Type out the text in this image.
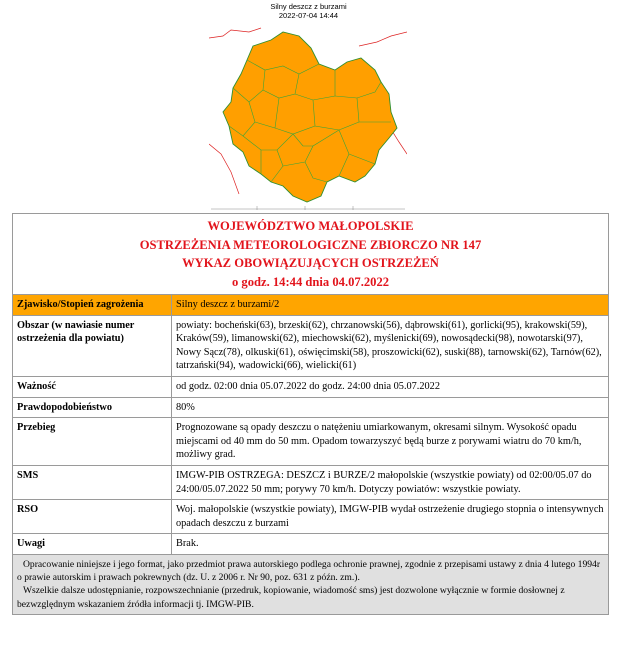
Silny deszcz z burzami
2022-07-04 14:44
WOJEWÓDZTWO MAŁOPOLSKIE
OSTRZEŻENIA METEOROLOGICZNE ZBIORCZO NR 147
WYKAZ OBOWIĄZUJĄCYCH OSTRZEŻEŃ
o godz. 14:44 dnia 04.07.2022	

Zjawisko/Stopień zagrożenia	Silny deszcz z burzami/2
Obszar (w nawiasie numer ostrzeżenia dla powiatu)	powiaty: bocheński(63), brzeski(62), chrzanowski(56), dąbrowski(61), gorlicki(95), krakowski(59), Kraków(59), limanowski(62), miechowski(62), myślenicki(69), nowosądecki(98), nowotarski(97), Nowy Sącz(78), olkuski(61), oświęcimski(58), proszowicki(62), suski(88), tarnowski(62), Tarnów(62), tatrzański(94), wadowicki(66), wielicki(61)
Ważność	od godz. 02:00 dnia 05.07.2022 do godz. 24:00 dnia 05.07.2022
Prawdopodobieństwo	80%
Przebieg	Prognozowane są opady deszczu o natężeniu umiarkowanym, okresami silnym. Wysokość opadu miejscami od 40 mm do 50 mm. Opadom towarzyszyć będą burze z porywami wiatru do 70 km/h, możliwy grad.
SMS	IMGW-PIB OSTRZEGA: DESZCZ i BURZE/2 małopolskie (wszystkie powiaty) od 02:00/05.07 do 24:00/05.07.2022 50 mm; porywy 70 km/h. Dotyczy powiatów: wszystkie powiaty.
RSO	Woj. małopolskie (wszystkie powiaty), IMGW-PIB wydał ostrzeżenie drugiego stopnia o intensywnych opadach deszczu z burzami
Uwagi	Brak.

Opracowanie niniejsze i jego format, jako przedmiot prawa autorskiego podlega ochronie prawnej, zgodnie z przepisami ustawy z dnia 4 lutego 1994r o prawie autorskim i prawach pokrewnych (dz. U. z 2006 r. Nr 90, poz. 631 z późn. zm.).
Wszelkie dalsze udostępnianie, rozpowszechnianie (przedruk, kopiowanie, wiadomość sms) jest dozwolone wyłącznie w formie dosłownej z bezwzględnym wskazaniem źródła informacji tj. IMGW-PIB.	
